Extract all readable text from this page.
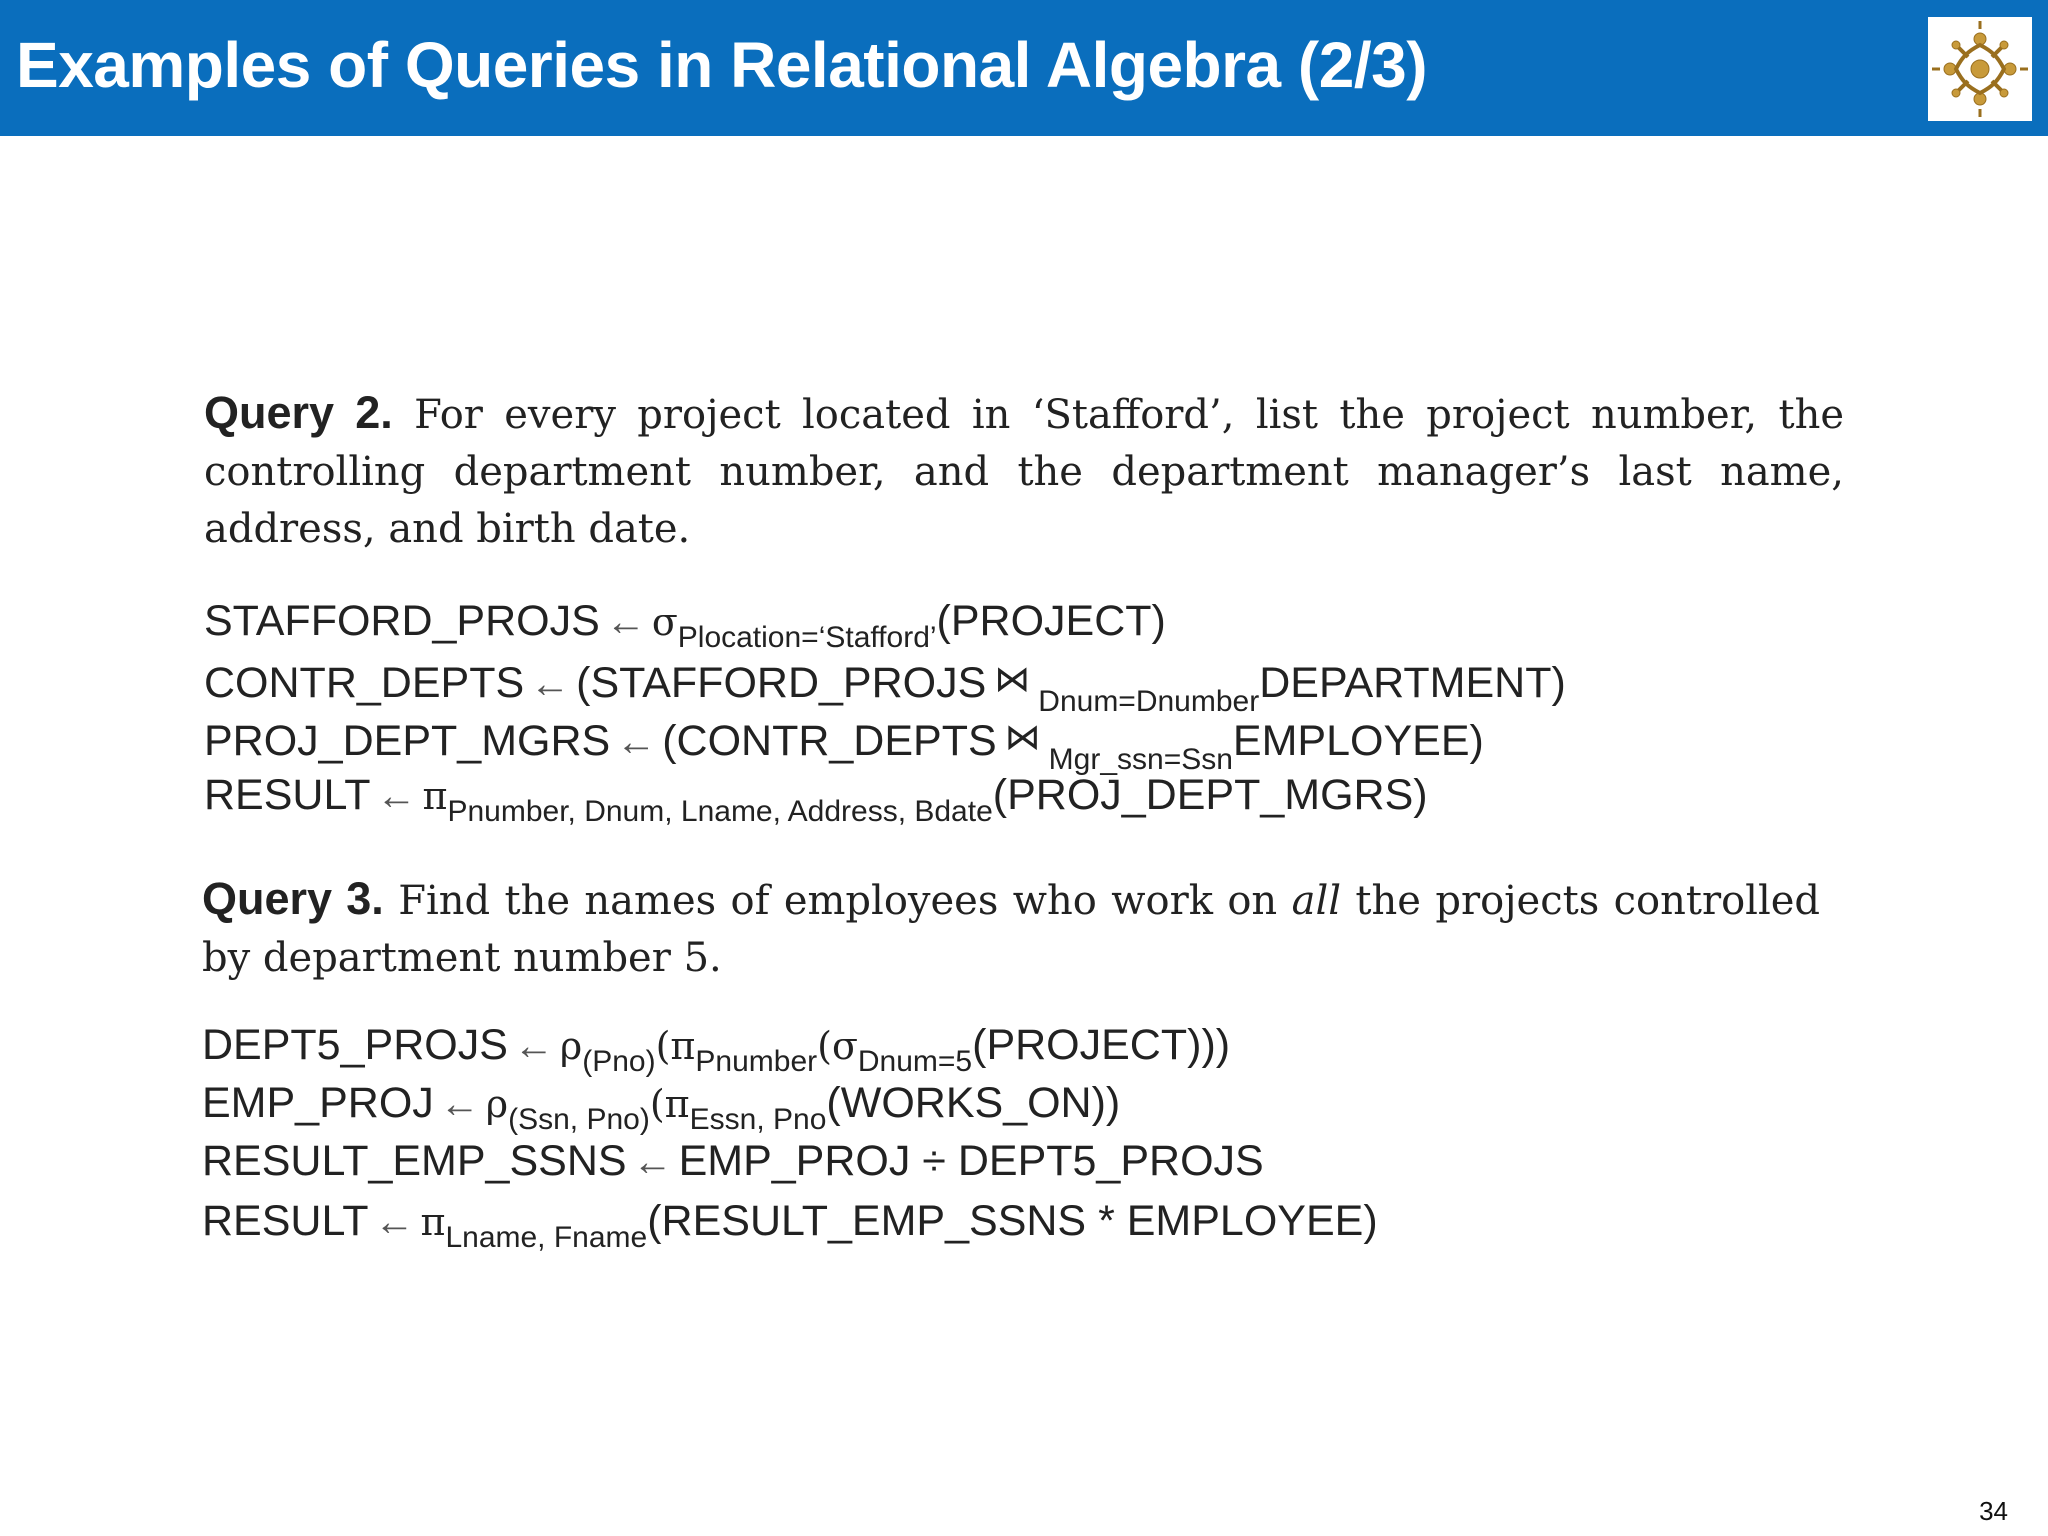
Examples of Queries in Relational Algebra (2/3)
Query 2. For every project located in ‘Stafford’, list the project number, the
controlling department number, and the department manager’s last name,
address, and birth date.
STAFFORD_PROJS ← $\sigma_{Plocation=‘Stafford’}(PROJECT)$
CONTR_DEPTS ← (STAFFORD_PROJS $⋈_{Dnum=Dnumber}DEPARTMENT$)
PROJ_DEPT_MGRS ← (CONTR_DEPTS $⋈_{Mgr\_ssn=Ssn}EMPLOYEE$)
RESULT ← $\pi_{Pnumber, Dnum, Lname, Address, Bdate}(PROJ\_DEPT\_MGRS)$
Query 3. Find the names of employees who work on all the projects controlled
by department number 5.
DEPT5_PROJS ← $\rho_{(Pno)}(\pi_{Pnumber}(\sigma_{Dnum=5}(PROJECT)))$
EMP_PROJ ← $\rho_{(Ssn, Pno)}(\pi_{Essn, Pno}(WORKS\_ON))$
RESULT_EMP_SSNS ← EMP_PROJ ÷ DEPT5_PROJS
RESULT ← $\pi_{Lname, Fname}(RESULT\_EMP\_SSNS$ * EMPLOYEE)
34
